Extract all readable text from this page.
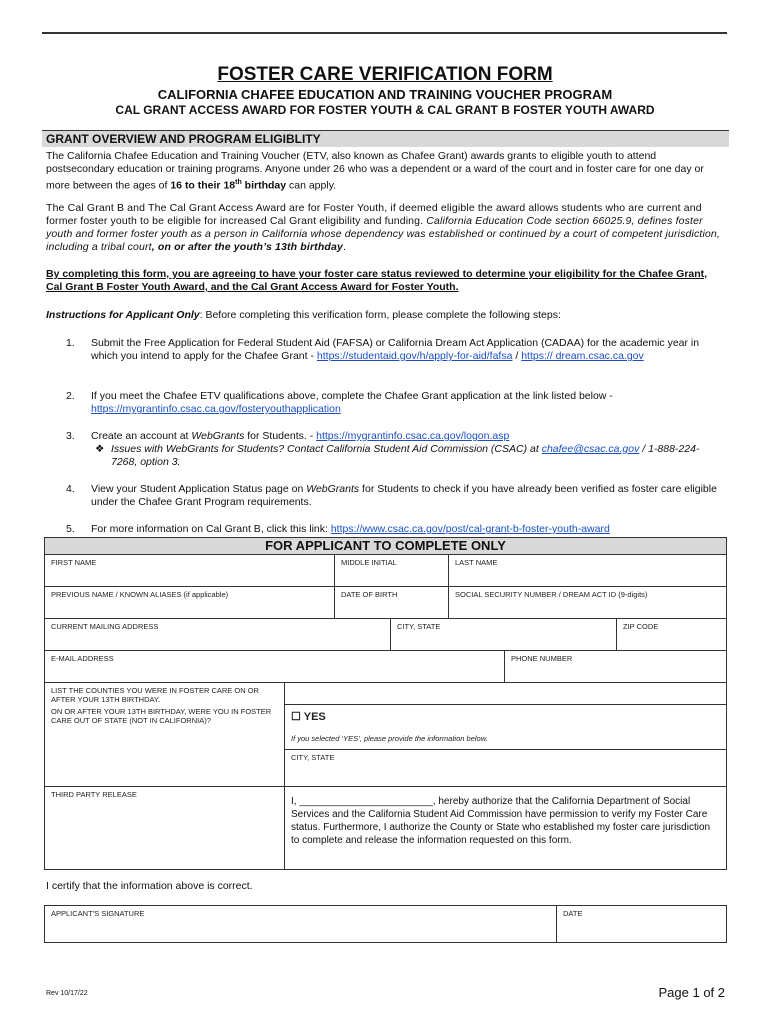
FOSTER CARE VERIFICATION FORM
CALIFORNIA CHAFEE EDUCATION AND TRAINING VOUCHER PROGRAM
CAL GRANT ACCESS AWARD FOR FOSTER YOUTH & CAL GRANT B FOSTER YOUTH AWARD
GRANT OVERVIEW AND PROGRAM ELIGIBLITY
The California Chafee Education and Training Voucher (ETV, also known as Chafee Grant) awards grants to eligible youth to attend postsecondary education or training programs. Anyone under 26 who was a dependent or a ward of the court and in foster care for one day or more between the ages of 16 to their 18th birthday can apply.
The Cal Grant B and The Cal Grant Access Award are for Foster Youth, if deemed eligible the award allows students who are current and former foster youth to be eligible for increased Cal Grant eligibility and funding. California Education Code section 66025.9, defines foster youth and former foster youth as a person in California whose dependency was established or continued by a court of competent jurisdiction, including a tribal court, on or after the youth’s 13th birthday.
By completing this form, you are agreeing to have your foster care status reviewed to determine your eligibility for the Chafee Grant, Cal Grant B Foster Youth Award, and the Cal Grant Access Award for Foster Youth.
Instructions for Applicant Only: Before completing this verification form, please complete the following steps:
1. Submit the Free Application for Federal Student Aid (FAFSA) or California Dream Act Application (CADAA) for the academic year in which you intend to apply for the Chafee Grant - https://studentaid.gov/h/apply-for-aid/fafsa / https:// dream.csac.ca.gov
2. If you meet the Chafee ETV qualifications above, complete the Chafee Grant application at the link listed below - https://mygrantinfo.csac.ca.gov/fosteryouthapplication
3. Create an account at WebGrants for Students. - https://mygrantinfo.csac.ca.gov/logon.asp
❖ Issues with WebGrants for Students? Contact California Student Aid Commission (CSAC) at chafee@csac.ca.gov / 1-888-224-7268, option 3.
4. View your Student Application Status page on WebGrants for Students to check if you have already been verified as foster care eligible under the Chafee Grant Program requirements.
5. For more information on Cal Grant B, click this link: https://www.csac.ca.gov/post/cal-grant-b-foster-youth-award
FOR APPLICANT TO COMPLETE ONLY
FIRST NAME	MIDDLE INITIAL	LAST NAME
PREVIOUS NAME / KNOWN ALIASES (if applicable)	DATE OF BIRTH	SOCIAL SECURITY NUMBER / DREAM ACT ID (9-digits)
CURRENT MAILING ADDRESS	CITY, STATE	ZIP CODE
E-MAIL ADDRESS	PHONE NUMBER
LIST THE COUNTIES YOU WERE IN FOSTER CARE ON OR AFTER YOUR 13TH BIRTHDAY.
ON OR AFTER YOUR 13TH BIRTHDAY, WERE YOU IN FOSTER CARE OUT OF STATE (NOT IN CALIFORNIA)?	☐ YES
If you selected ‘YES’, please provide the information below.
CITY, STATE
THIRD PARTY RELEASE
I, ________________________, hereby authorize that the California Department of Social Services and the California Student Aid Commission have permission to verify my Foster Care status. Furthermore, I authorize the County or State who established my foster care jurisdiction to complete and release the information requested on this form.
I certify that the information above is correct.
APPLICANT'S SIGNATURE	DATE
Rev 10/17/22	Page 1 of 2
